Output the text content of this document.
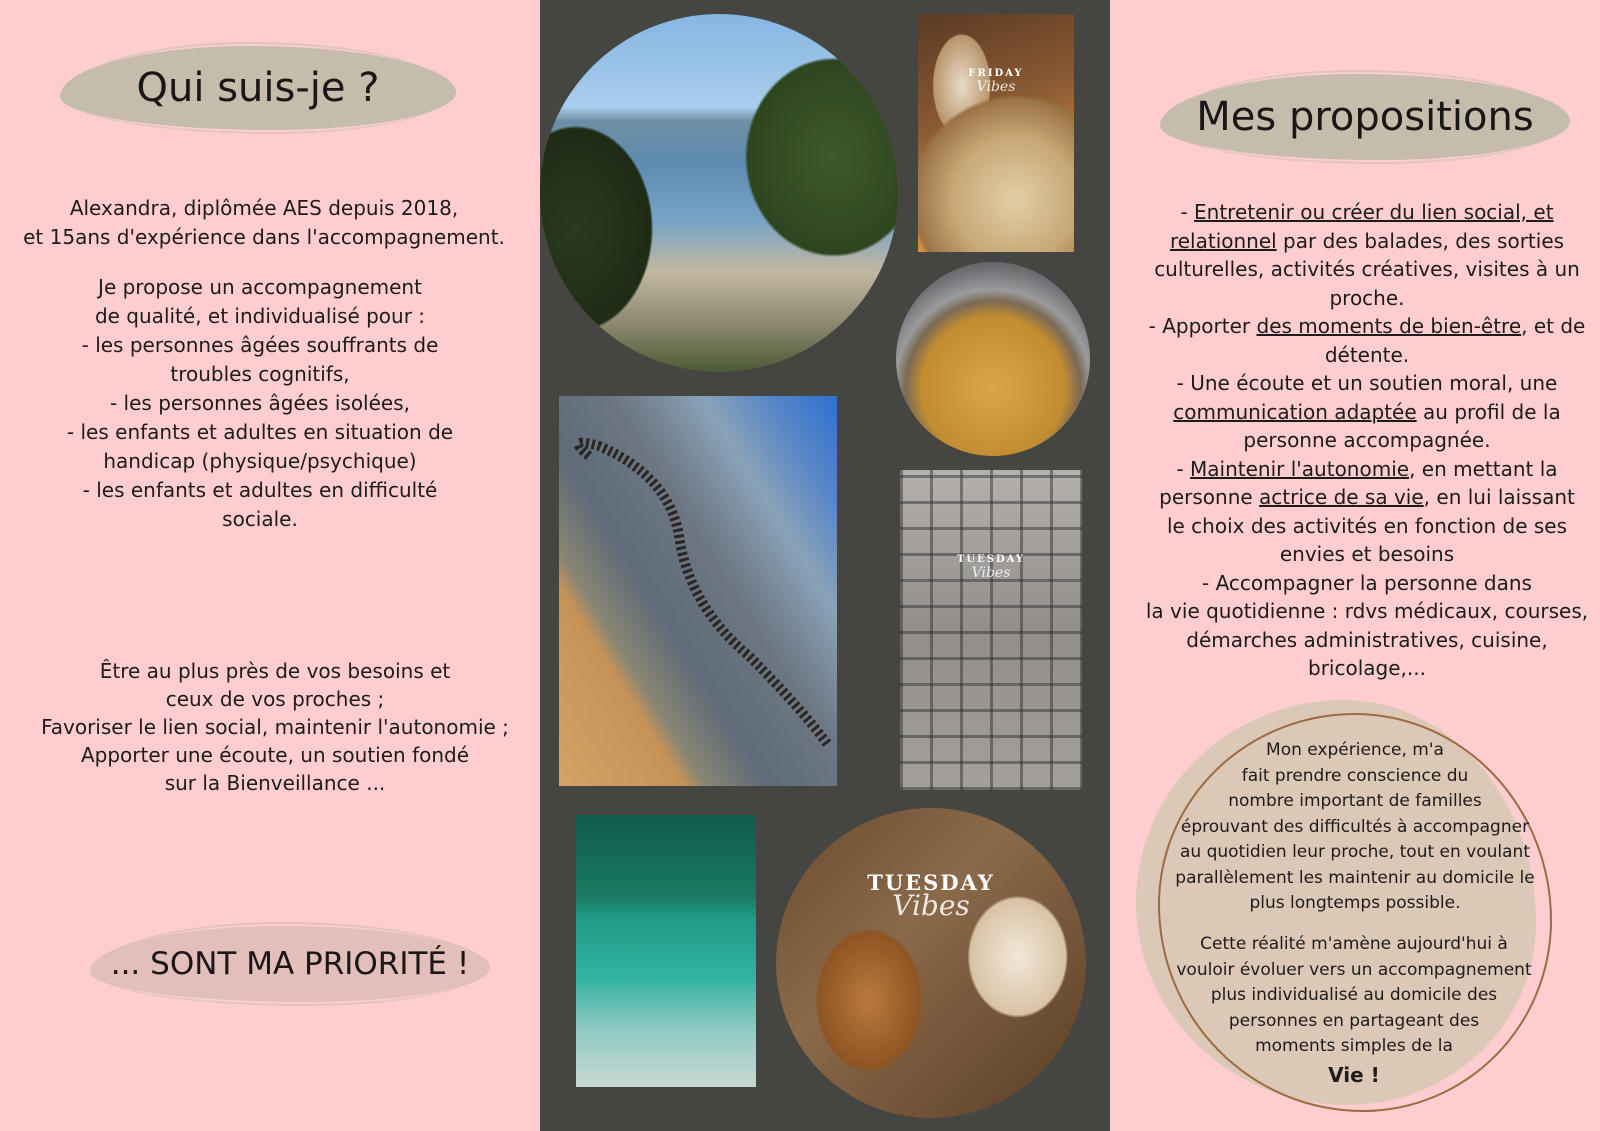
Qui suis-je ?

Alexandra, diplômée AES depuis 2018,

et 15ans d'expérience dans l'accompagnement.

Je propose un accompagnement

de qualité, et individualisé pour :

- les personnes âgées souffrants de

troubles cognitifs,

- les personnes âgées isolées,

- les enfants et adultes en situation de

handicap (physique/psychique)

- les enfants et adultes en difficulté

sociale.

Être au plus près de vos besoins et

ceux de vos proches ;

Favoriser le lien social, maintenir l'autonomie ;

Apporter une écoute, un soutien fondé

sur la Bienveillance ...

... SONT MA PRIORITÉ !
FRIDAY
Vibes
TUESDAY
Vibes
TUESDAY
Vibes
Mes propositions

- Entretenir ou créer du lien social, et

relationnel par des balades, des sorties

culturelles, activités créatives, visites à un

proche.

- Apporter des moments de bien-être, et de

détente.

- Une écoute et un soutien moral, une

communication adaptée au profil de la

personne accompagnée.

- Maintenir l'autonomie, en mettant la

personne actrice de sa vie, en lui laissant

le choix des activités en fonction de ses

envies et besoins

- Accompagner la personne dans

la vie quotidienne : rdvs médicaux, courses,

démarches administratives, cuisine,

bricolage,...

Mon expérience, m'a

fait prendre conscience du

nombre important de familles

éprouvant des difficultés à accompagner

au quotidien leur proche, tout en voulant

parallèlement les maintenir au domicile le

plus longtemps possible.

Cette réalité m'amène aujourd'hui à

vouloir évoluer vers un accompagnement

plus individualisé au domicile des

personnes en partageant des

moments simples de la

Vie !
